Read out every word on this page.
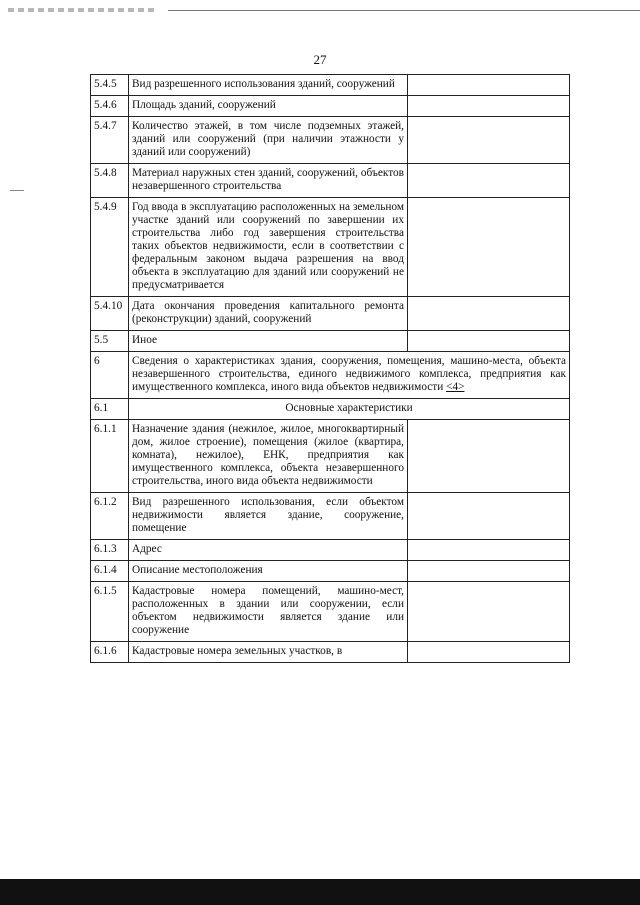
27
5.4.5	Вид разрешенного использования зданий, сооружений	
5.4.6	Площадь зданий, сооружений	
5.4.7	Количество этажей, в том числе подземных этажей, зданий или сооружений (при наличии этажности у зданий или сооружений)	
5.4.8	Материал наружных стен зданий, сооружений, объектов незавершенного строительства	
5.4.9	Год ввода в эксплуатацию расположенных на земельном участке зданий или сооружений по завершении их строительства либо год завершения строительства таких объектов недвижимости, если в соответствии с федеральным законом выдача разрешения на ввод объекта в эксплуатацию для зданий или сооружений не предусматривается	
5.4.10	Дата окончания проведения капитального ремонта (реконструкции) зданий, сооружений	
5.5	Иное	
6	Сведения о характеристиках здания, сооружения, помещения, машино-места, объекта незавершенного строительства, единого недвижимого комплекса, предприятия как имущественного комплекса, иного вида объектов недвижимости <4>	
6.1	Основные характеристики	
6.1.1	Назначение здания (нежилое, жилое, многоквартирный дом, жилое строение), помещения (жилое (квартира, комната), нежилое), ЕНК, предприятия как имущественного комплекса, объекта незавершенного строительства, иного вида объекта недвижимости	
6.1.2	Вид разрешенного использования, если объектом недвижимости является здание, сооружение, помещение	
6.1.3	Адрес	
6.1.4	Описание местоположения	
6.1.5	Кадастровые номера помещений, машино-мест, расположенных в здании или сооружении, если объектом недвижимости является здание или сооружение	
6.1.6	Кадастровые номера земельных участков, в	
